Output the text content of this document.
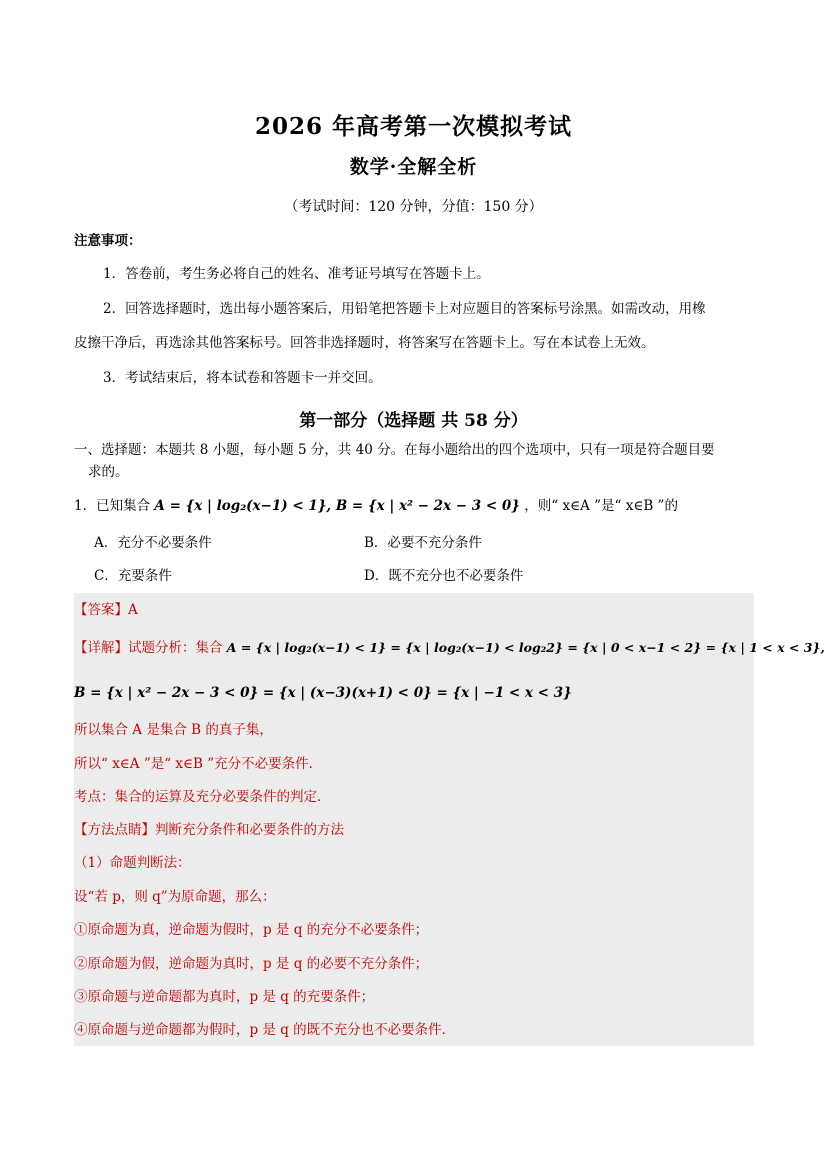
2026 年高考第一次模拟考试
数学·全解全析
（考试时间：120 分钟，分值：150 分）
注意事项：
1．答卷前，考生务必将自己的姓名、准考证号填写在答题卡上。
2．回答选择题时，选出每小题答案后，用铅笔把答题卡上对应题目的答案标号涂黑。如需改动，用橡
皮擦干净后，再选涂其他答案标号。回答非选择题时，将答案写在答题卡上。写在本试卷上无效。
3．考试结束后，将本试卷和答题卡一并交回。
第一部分（选择题 共 58 分）
一、选择题：本题共 8 小题，每小题 5 分，共 40 分。在每小题给出的四个选项中，只有一项是符合题目要
求的。
1．已知集合 A = {x | log₂(x−1) < 1}, B = {x | x² − 2x − 3 < 0} ，则“ x∈A ”是“ x∈B ”的
A．充分不必要条件	B．必要不充分条件
C．充要条件	D．既不充分也不必要条件
【答案】A
【详解】试题分析：集合 A = {x | log₂(x−1) < 1} = {x | log₂(x−1) < log₂2} = {x | 0 < x−1 < 2} = {x | 1 < x < 3},
B = {x | x² − 2x − 3 < 0} = {x | (x−3)(x+1) < 0} = {x | −1 < x < 3}
所以集合 A 是集合 B 的真子集，
所以“ x∈A ”是“ x∈B ”充分不必要条件．
考点：集合的运算及充分必要条件的判定．
【方法点睛】判断充分条件和必要条件的方法
（1）命题判断法：
设“若 p，则 q”为原命题，那么：
①原命题为真，逆命题为假时，p 是 q 的充分不必要条件；
②原命题为假，逆命题为真时，p 是 q 的必要不充分条件；
③原命题与逆命题都为真时，p 是 q 的充要条件；
④原命题与逆命题都为假时，p 是 q 的既不充分也不必要条件．
